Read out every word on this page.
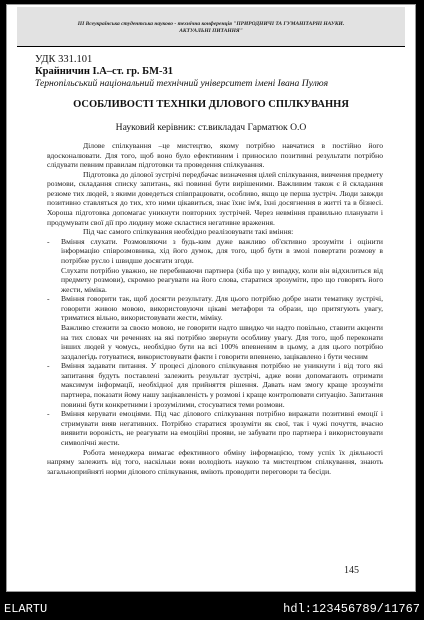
III Всеукраїнська студентська науково - технічна конференція "ПРИРОДНИЧІ ТА ГУМАНІТАРНІ НАУКИ.
АКТУАЛЬНІ ПИТАННЯ"
УДК 331.101
Крайничин І.А–ст. гр. БМ-31
Тернопільський національний технічний університет імені Івана Пулюя
ОСОБЛИВОСТІ ТЕХНІКИ ДІЛОВОГО СПІЛКУВАННЯ
Науковий керівник: ст.викладач Гарматюк О.О

Ділове спілкування –це мистецтво, якому потрібно навчатися в постійно його вдосконалювати. Для того, щоб воно було ефективним і приносило позитивні результати потрібно слідувати певним правилам підготовки та проведення спілкування.

Підготовка до ділової зустрічі передбачає визначення цілей спілкування, вивчення предмету розмови, складання списку запитань, які повинні бути вирішеними. Важливим також є й складання резюме тих людей, з якими доведеться співпрацювати, особливо, якщо це перша зустріч. Люди завжди позитивно ставляться до тих, хто ними цікавиться, знає їхнє ім'я, їхні досягнення в житті та в бізнесі. Хороша підготовка допомагає уникнути повторних зустрічей. Через невміння правильно планувати і продумувати свої дії про людину може скластися негативне враження.

Під час самого спілкування необхідно реалізовувати такі вміння:

- Вміння слухати. Розмовляючи з будь-ким дуже важливо об'єктивно зрозуміти і оцінити інформацію співрозмовника, хід його думок, для того, щоб бути в змозі повертати розмову в потрібне русло і швидше досягати згоди.

Слухати потрібно уважно, не перебиваючи партнера (хіба що у випадку, коли він відхилиться від предмету розмови), скромно реагувати на його слова, старатися зрозуміти, про що говорять його жести, міміка.

- Вміння говорити так, щоб досягти результату. Для цього потрібно добре знати тематику зустрічі, говорити живою мовою, використовуючи цікаві метафори та образи, що притягують увагу, триматися вільно, використовувати жести, міміку.

Важливо стежити за своєю мовою, не говорити надто швидко чи надто повільно, ставити акценти на тих словах чи реченнях на які потрібно звернути особливу увагу. Для того, щоб переконати інших людей у чомусь, необхідно бути на всі 100% впевненим в цьому, а для цього потрібно заздалегідь готуватися, використовувати факти і говорити впевнено, зацікавлено і бути чесним

- Вміння задавати питання. У процесі ділового спілкування потрібно не уникнути і від того які запитання будуть поставлені залежить результат зустрічі, адже вони допомагають отримати максимум інформації, необхідної для прийняття рішення. Давать нам змогу краще зрозуміти партнера, показати йому нашу зацікавленість у розмові і краще контролювати ситуацію. Запитання повинні бути конкретними і зрозумілими, стосуватися теми розмови.

- Вміння керувати емоціями. Під час ділового спілкування потрібно виражати позитивні емоції і стримувати вияв негативних. Потрібно старатися зрозуміти як свої, так і чужі почуття, вчасно виявити ворожість, не реагувати на емоційні прояви, не забувати про партнера і використовувати символічні жести.

Робота менеджера вимагає ефективного обміну інформацією, тому успіх їх діяльності напряму залежить від того, наскільки вони володіють наукою та мистецтвом спілкування, знають загальноприйняті норми ділового спілкування, вміють проводити переговори та бесіди.

145
ELARTU	hdl:123456789/11767
